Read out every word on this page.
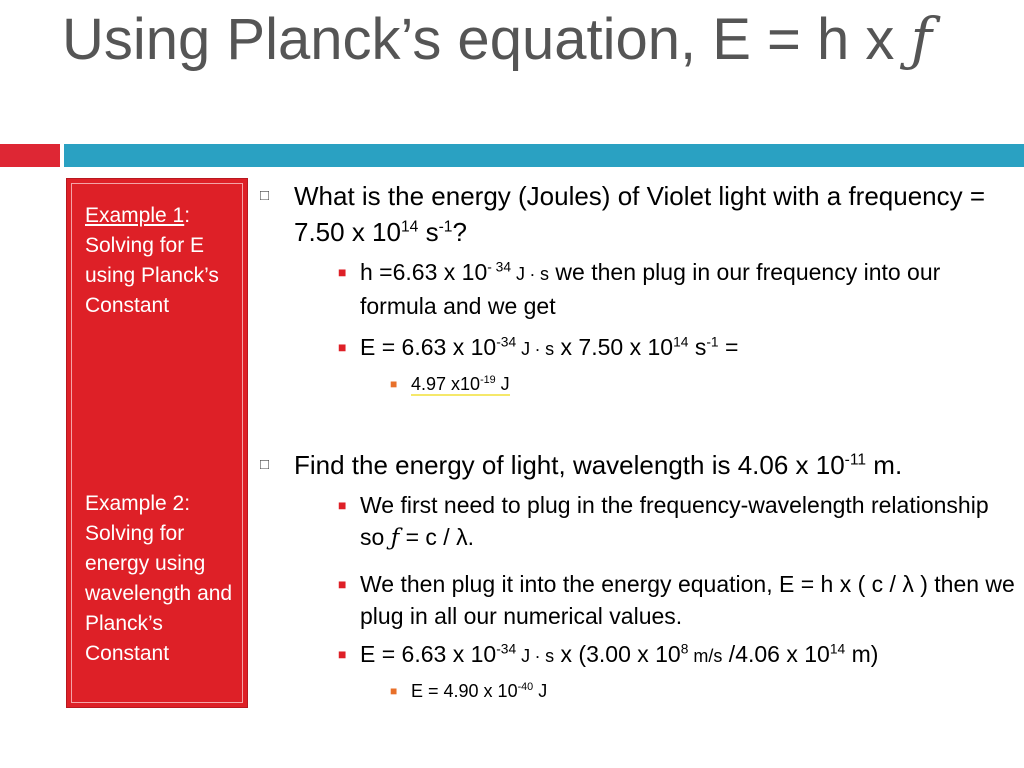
Using Planck’s equation, E = h x ƒ
Example 1: Solving for E using Planck’s Constant
Example 2: Solving for energy using wavelength and Planck’s Constant
□ What is the energy (Joules) of Violet light with a frequency = 7.50 x $10^{14}$ $s^{-1}$?
■ h =6.63 x $10^{- 34}$ J ∙ s we then plug in our frequency into our formula and we get
■ E = 6.63 x $10^{-34}$ J ∙ s x 7.50 x $10^{14}$ $s^{-1}$ =
■ 4.97 $x10^{-19}$ J
□ Find the energy of light, wavelength is 4.06 x $10^{-11}$ m.
■ We first need to plug in the frequency-wavelength relationship so ƒ = c / λ.
■ We then plug it into the energy equation, E = h x ( c / λ ) then we plug in all our numerical values.
■ E = 6.63 x $10^{-34}$ J ∙ s x (3.00 x $10^8$ m/s /4.06 x $10^{14}$ m)
■ E = 4.90 x $10^{-40}$ J
